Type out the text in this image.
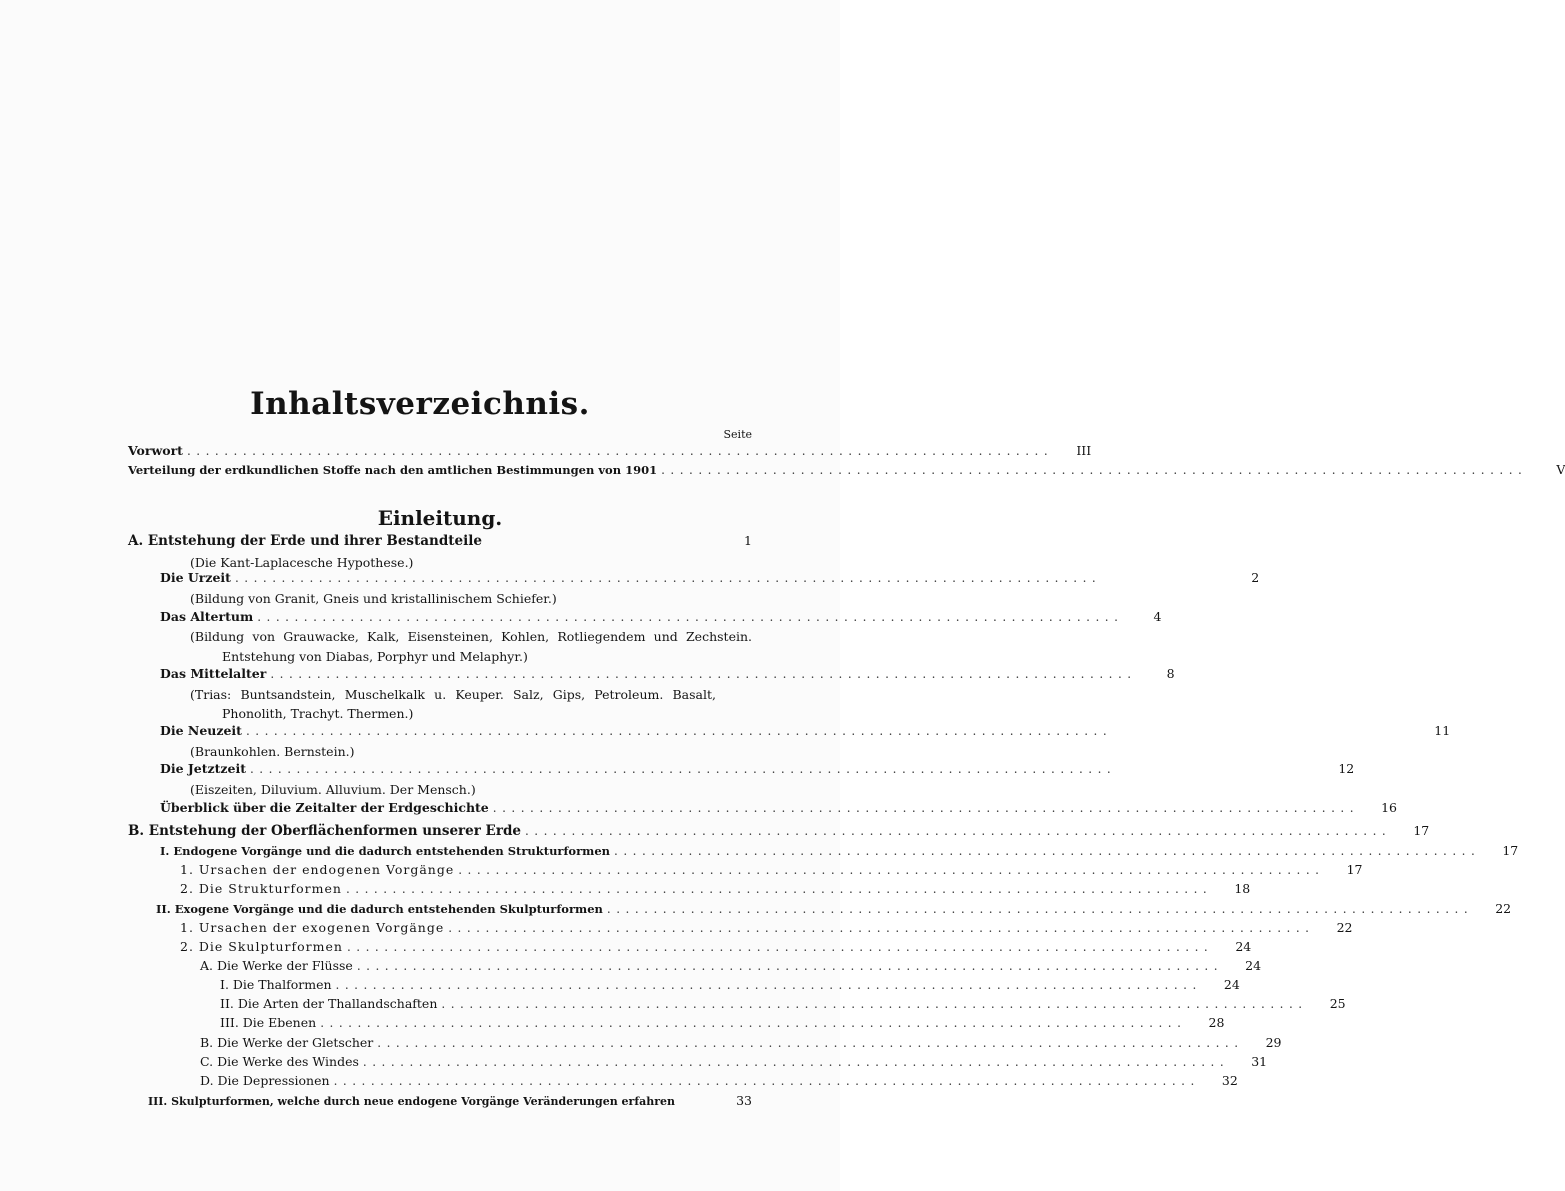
Inhaltsverzeichnis.
Seite
Vorwort .............................................................................................	III
Verteilung der erdkundlichen Stoffe nach den amtlichen Bestimmungen von 1901 .............................................................................................	V
Einleitung.
A. Entstehung der Erde und ihrer Bestandteile	1
(Die Kant-Laplacesche Hypothese.)
Die Urzeit .............................................................................................	2
(Bildung von Granit, Gneis und kristallinischem Schiefer.)
Das Altertum .............................................................................................	4
(Bildung von Grauwacke, Kalk, Eisensteinen, Kohlen, Rotliegendem und Zechstein.
Entstehung von Diabas, Porphyr und Melaphyr.)
Das Mittelalter .............................................................................................	8
(Trias: Buntsandstein, Muschelkalk u. Keuper. Salz, Gips, Petroleum. Basalt,
Phonolith, Trachyt. Thermen.)
Die Neuzeit .............................................................................................	11
(Braunkohlen. Bernstein.)
Die Jetztzeit .............................................................................................	12
(Eiszeiten, Diluvium. Alluvium. Der Mensch.)
Überblick über die Zeitalter der Erdgeschichte .............................................................................................	16
B. Entstehung der Oberflächenformen unserer Erde .............................................................................................	17
I. Endogene Vorgänge und die dadurch entstehenden Strukturformen .............................................................................................	17
1. Ursachen der endogenen Vorgänge .............................................................................................	17
2. Die Strukturformen .............................................................................................	18
II. Exogene Vorgänge und die dadurch entstehenden Skulpturformen .............................................................................................	22
1. Ursachen der exogenen Vorgänge .............................................................................................	22
2. Die Skulpturformen .............................................................................................	24
A. Die Werke der Flüsse .............................................................................................	24
I. Die Thalformen .............................................................................................	24
II. Die Arten der Thallandschaften .............................................................................................	25
III. Die Ebenen .............................................................................................	28
B. Die Werke der Gletscher .............................................................................................	29
C. Die Werke des Windes .............................................................................................	31
D. Die Depressionen .............................................................................................	32
III. Skulpturformen, welche durch neue endogene Vorgänge Veränderungen erfahren	33
